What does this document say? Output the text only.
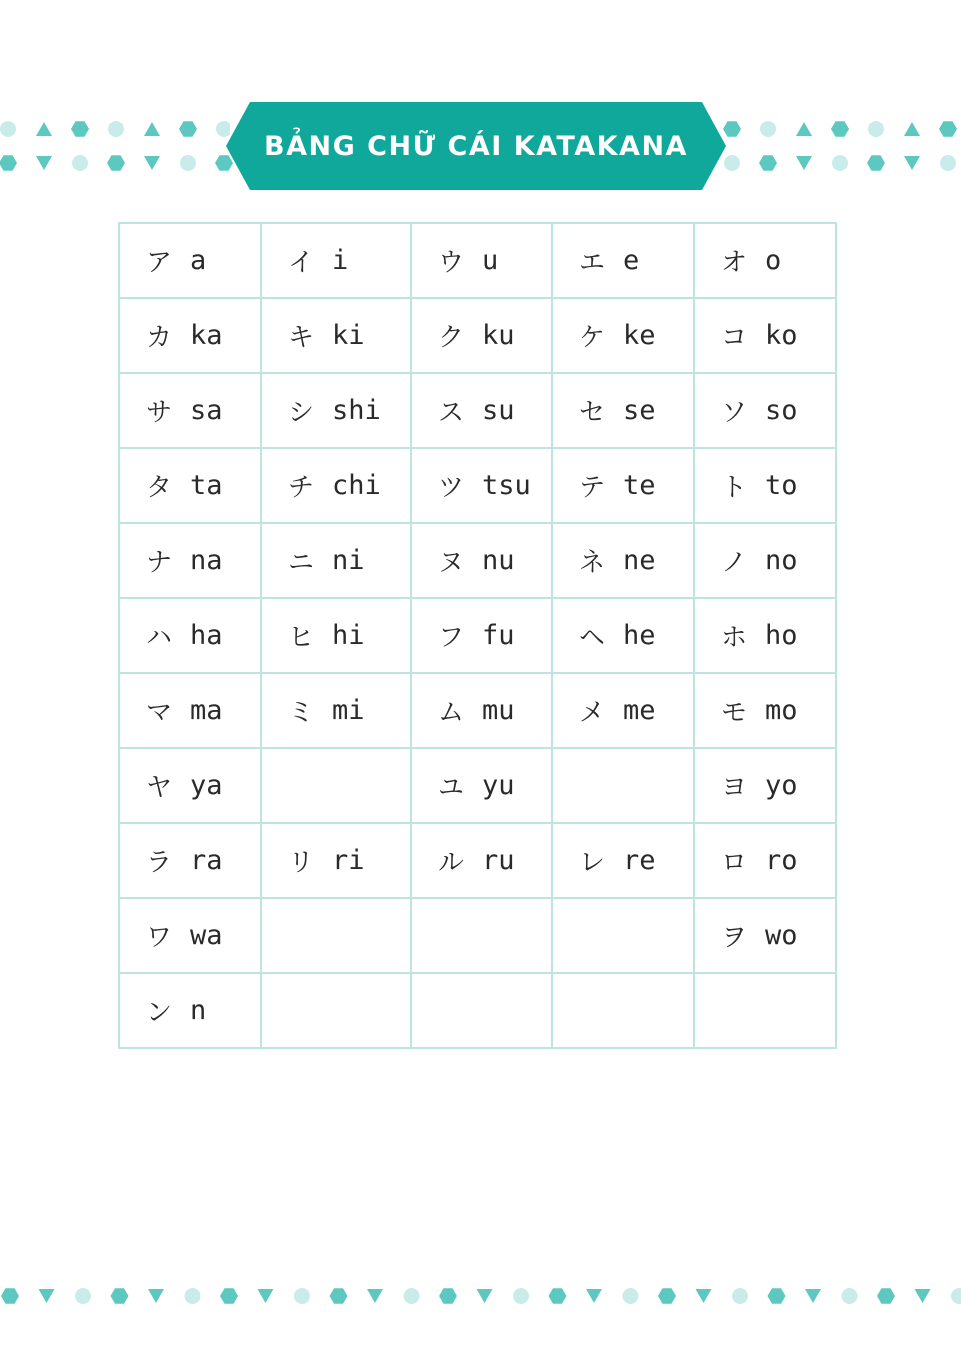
BẢNG CHỮ CÁI KATAKANA
ア a	イ i	ウ u	エ e	オ o

カ ka	キ ki	ク ku	ケ ke	コ ko

サ sa	シ shi	ス su	セ se	ソ so

タ ta	チ chi	ツ tsu	テ te	ト to

ナ na	ニ ni	ヌ nu	ネ ne	ノ no

ハ ha	ヒ hi	フ fu	ヘ he	ホ ho

マ ma	ミ mi	ム mu	メ me	モ mo

ヤ ya		ユ yu		ヨ yo

ラ ra	リ ri	ル ru	レ re	ロ ro

ワ wa				ヲ wo

ン n				
